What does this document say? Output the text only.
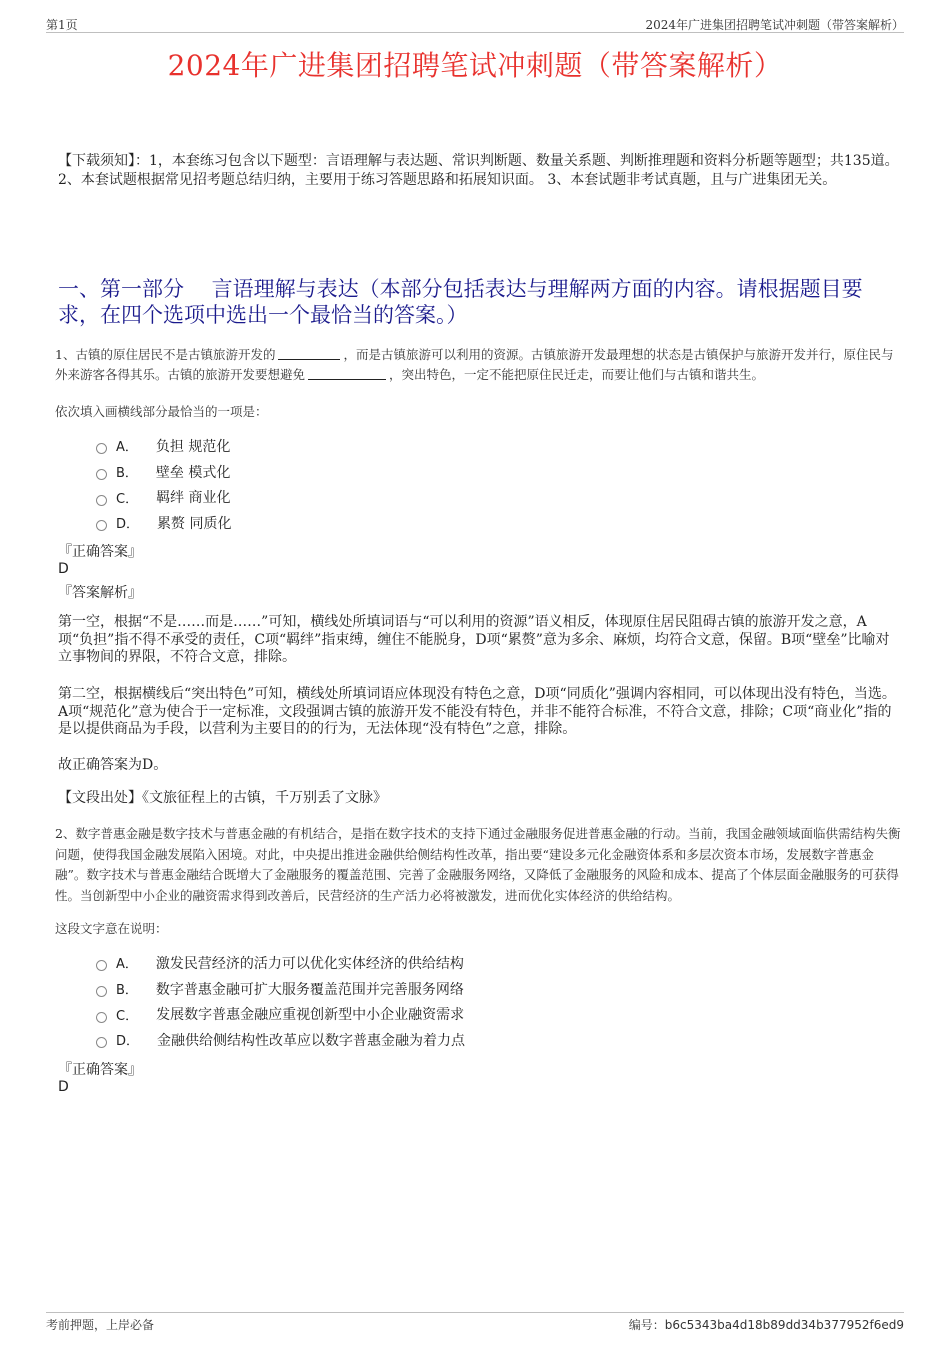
第1页	2024年广进集团招聘笔试冲刺题（带答案解析）
2024年广进集团招聘笔试冲刺题（带答案解析）

【下载须知】：1，本套练习包含以下题型：言语理解与表达题、常识判断题、数量关系题、判断推理题和资料分析题等题型；共135道。 2、本套试题根据常见招考题总结归纳，主要用于练习答题思路和拓展知识面。 3、本套试题非考试真题，且与广进集团无关。

一、第一部分　 言语理解与表达（本部分包括表达与理解两方面的内容。请根据题目要求，在四个选项中选出一个最恰当的答案。）

1、古镇的原住居民不是古镇旅游开发的	，而是古镇旅游可以利用的资源。古镇旅游开发最理想的状态是古镇保护与旅游开发并行，原住民与外来游客各得其乐。古镇的旅游开发要想避免	，突出特色，一定不能把原住民迁走，而要让他们与古镇和谐共生。

依次填入画横线部分最恰当的一项是：

A． 负担 规范化
B． 壁垒 模式化
C． 羁绊 商业化
D． 累赘 同质化

『正确答案』

D

『答案解析』

第一空，根据“不是……而是……”可知，横线处所填词语与“可以利用的资源”语义相反，体现原住居民阻碍古镇的旅游开发之意，A项“负担”指不得不承受的责任，C项“羁绊”指束缚，缠住不能脱身，D项“累赘”意为多余、麻烦，均符合文意，保留。B项“壁垒”比喻对立事物间的界限，不符合文意，排除。

第二空，根据横线后“突出特色”可知，横线处所填词语应体现没有特色之意，D项“同质化”强调内容相同，可以体现出没有特色，当选。A项“规范化”意为使合于一定标准，文段强调古镇的旅游开发不能没有特色，并非不能符合标准，不符合文意，排除；C项“商业化”指的是以提供商品为手段，以营利为主要目的的行为，无法体现“没有特色”之意，排除。

故正确答案为D。

【文段出处】《文旅征程上的古镇，千万别丢了文脉》

2、数字普惠金融是数字技术与普惠金融的有机结合，是指在数字技术的支持下通过金融服务促进普惠金融的行动。当前，我国金融领域面临供需结构失衡问题，使得我国金融发展陷入困境。对此，中央提出推进金融供给侧结构性改革，指出要“建设多元化金融资体系和多层次资本市场，发展数字普惠金融”。数字技术与普惠金融结合既增大了金融服务的覆盖范围、完善了金融服务网络，又降低了金融服务的风险和成本、提高了个体层面金融服务的可获得性。当创新型中小企业的融资需求得到改善后，民营经济的生产活力必将被激发，进而优化实体经济的供给结构。

这段文字意在说明：

A． 激发民营经济的活力可以优化实体经济的供给结构
B． 数字普惠金融可扩大服务覆盖范围并完善服务网络
C． 发展数字普惠金融应重视创新型中小企业融资需求
D． 金融供给侧结构性改革应以数字普惠金融为着力点

『正确答案』

D

考前押题，上岸必备	编号：b6c5343ba4d18b89dd34b377952f6ed9
